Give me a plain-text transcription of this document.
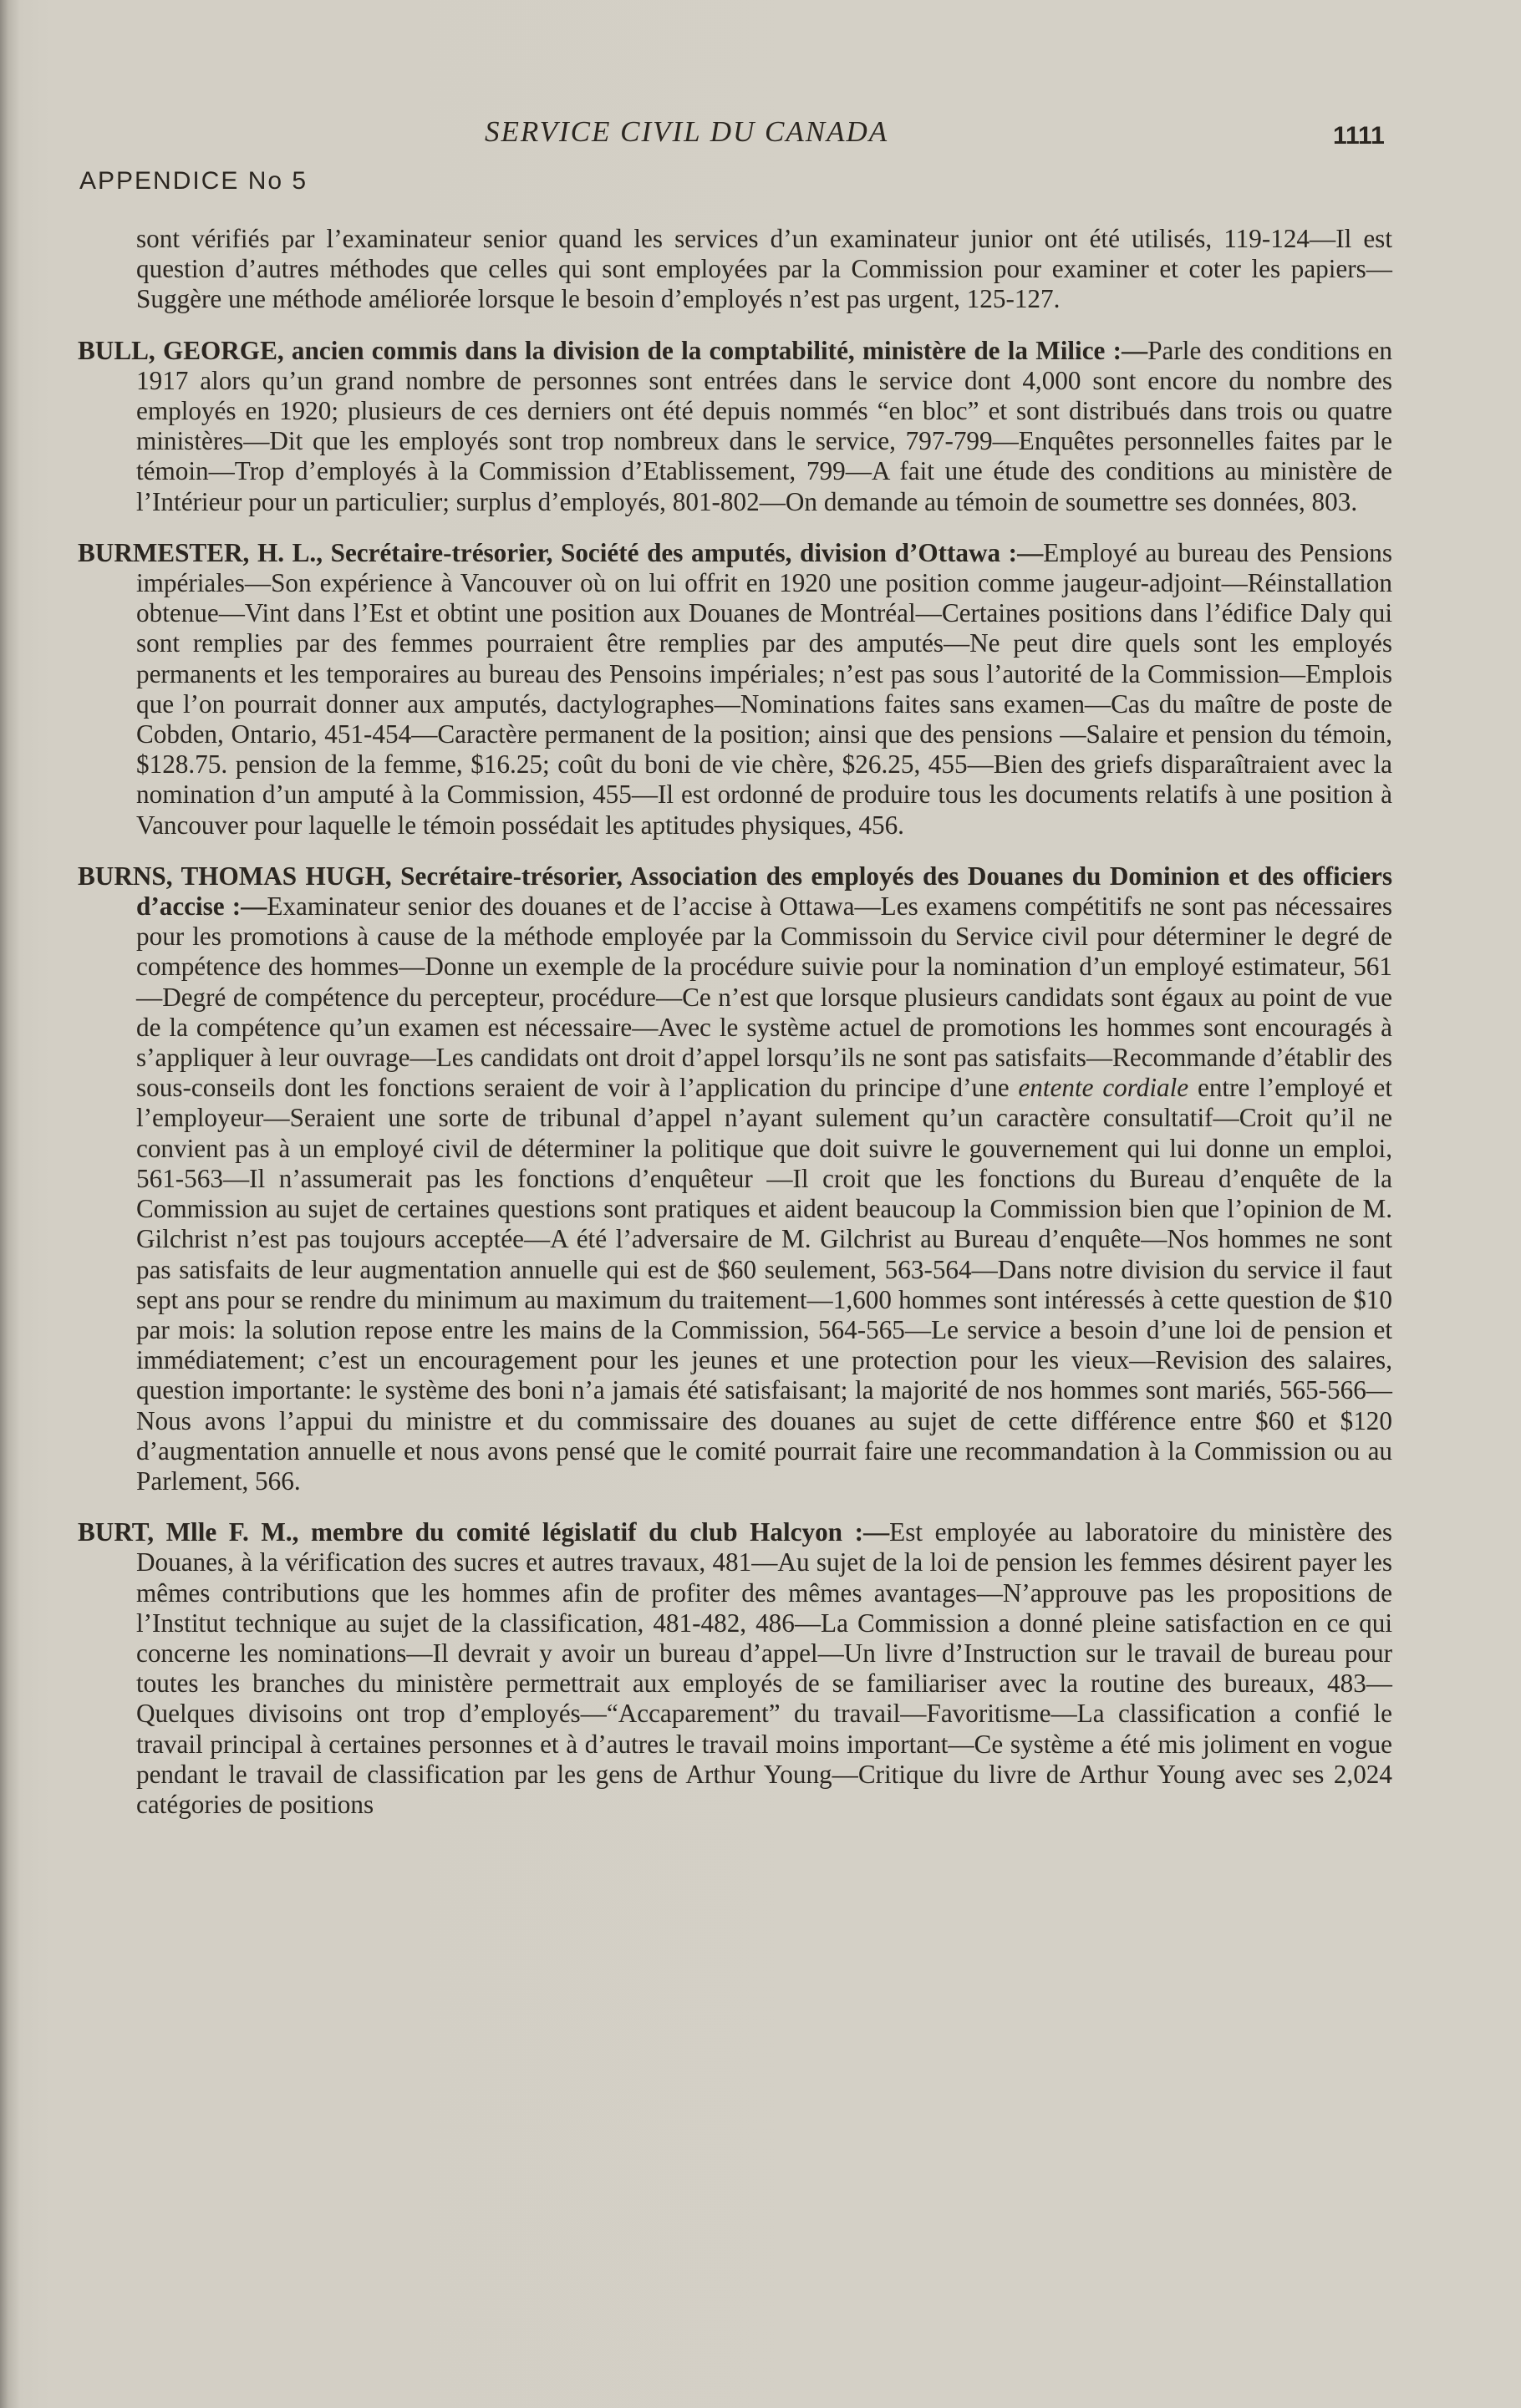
SERVICE CIVIL DU CANADA	1111
APPENDICE No 5

sont vérifiés par l’examinateur senior quand les services d’un examinateur junior ont été utilisés, 119-124—Il est question d’autres méthodes que celles qui sont employées par la Commission pour examiner et coter les papiers—Suggère une méthode améliorée lorsque le besoin d’employés n’est pas urgent, 125-127.

BULL, GEORGE, ancien commis dans la division de la comptabilité, ministère de la Milice :—Parle des conditions en 1917 alors qu’un grand nombre de personnes sont entrées dans le service dont 4,000 sont encore du nombre des employés en 1920; plusieurs de ces derniers ont été depuis nommés “en bloc” et sont distribués dans trois ou quatre ministères—Dit que les employés sont trop nombreux dans le service, 797-799—Enquêtes personnelles faites par le témoin—Trop d’employés à la Commission d’Etablissement, 799—A fait une étude des conditions au ministère de l’Intérieur pour un particulier; surplus d’employés, 801-802—On demande au témoin de soumettre ses données, 803.

BURMESTER, H. L., Secrétaire-trésorier, Société des amputés, division d’Ottawa :—Employé au bureau des Pensions impériales—Son expérience à Vancouver où on lui offrit en 1920 une position comme jaugeur-adjoint—Réinstallation obtenue—Vint dans l’Est et obtint une position aux Douanes de Montréal—Certaines positions dans l’édifice Daly qui sont remplies par des femmes pourraient être remplies par des amputés—Ne peut dire quels sont les employés permanents et les temporaires au bureau des Pensoins impériales; n’est pas sous l’autorité de la Commission—Emplois que l’on pourrait donner aux amputés, dactylographes—Nominations faites sans examen—Cas du maître de poste de Cobden, Ontario, 451-454—Caractère permanent de la position; ainsi que des pensions —Salaire et pension du témoin, $128.75. pension de la femme, $16.25; coût du boni de vie chère, $26.25, 455—Bien des griefs disparaîtraient avec la nomination d’un amputé à la Commission, 455—Il est ordonné de produire tous les documents relatifs à une position à Vancouver pour laquelle le témoin possédait les aptitudes physiques, 456.

BURNS, THOMAS HUGH, Secrétaire-trésorier, Association des employés des Douanes du Dominion et des officiers d’accise :—Examinateur senior des douanes et de l’accise à Ottawa—Les examens compétitifs ne sont pas nécessaires pour les promotions à cause de la méthode employée par la Commissoin du Service civil pour déterminer le degré de compétence des hommes—Donne un exemple de la procédure suivie pour la nomination d’un employé estimateur, 561—Degré de compétence du percepteur, procédure—Ce n’est que lorsque plusieurs candidats sont égaux au point de vue de la compétence qu’un examen est nécessaire—Avec le système actuel de promotions les hommes sont encouragés à s’appliquer à leur ouvrage—Les candidats ont droit d’appel lorsqu’ils ne sont pas satisfaits—Recommande d’établir des sous-conseils dont les fonctions seraient de voir à l’application du principe d’une entente cordiale entre l’employé et l’employeur—Seraient une sorte de tribunal d’appel n’ayant sulement qu’un caractère consultatif—Croit qu’il ne convient pas à un employé civil de déterminer la politique que doit suivre le gouvernement qui lui donne un emploi, 561-563—Il n’assumerait pas les fonctions d’enquêteur —Il croit que les fonctions du Bureau d’enquête de la Commission au sujet de certaines questions sont pratiques et aident beaucoup la Commission bien que l’opinion de M. Gilchrist n’est pas toujours acceptée—A été l’adversaire de M. Gilchrist au Bureau d’enquête—Nos hommes ne sont pas satisfaits de leur augmentation annuelle qui est de $60 seulement, 563-564—Dans notre division du service il faut sept ans pour se rendre du minimum au maximum du traitement—1,600 hommes sont intéressés à cette question de $10 par mois: la solution repose entre les mains de la Commission, 564-565—Le service a besoin d’une loi de pension et immédiatement; c’est un encouragement pour les jeunes et une protection pour les vieux—Revision des salaires, question importante: le système des boni n’a jamais été satisfaisant; la majorité de nos hommes sont mariés, 565-566—Nous avons l’appui du ministre et du commissaire des douanes au sujet de cette différence entre $60 et $120 d’augmentation annuelle et nous avons pensé que le comité pourrait faire une recommandation à la Commission ou au Parlement, 566.

BURT, Mlle F. M., membre du comité législatif du club Halcyon :—Est employée au laboratoire du ministère des Douanes, à la vérification des sucres et autres travaux, 481—Au sujet de la loi de pension les femmes désirent payer les mêmes contributions que les hommes afin de profiter des mêmes avantages—N’approuve pas les propositions de l’Institut technique au sujet de la classification, 481-482, 486—La Commission a donné pleine satisfaction en ce qui concerne les nominations—Il devrait y avoir un bureau d’appel—Un livre d’Instruction sur le travail de bureau pour toutes les branches du ministère permettrait aux employés de se familiariser avec la routine des bureaux, 483—Quelques divisoins ont trop d’employés—“Accaparement” du travail—Favoritisme—La classification a confié le travail principal à certaines personnes et à d’autres le travail moins important—Ce système a été mis joliment en vogue pendant le travail de classification par les gens de Arthur Young—Critique du livre de Arthur Young avec ses 2,024 catégories de positions
